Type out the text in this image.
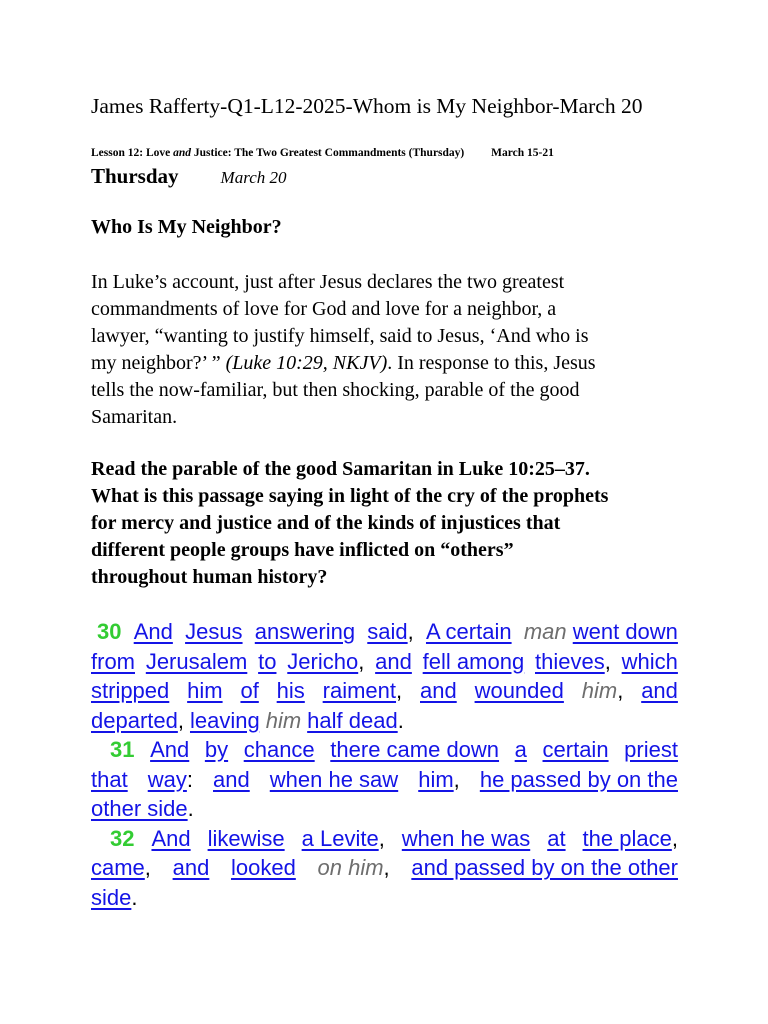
James Rafferty-Q1-L12-2025-Whom is My Neighbor-March 20
Lesson 12: Love and Justice: The Two Greatest Commandments (Thursday) March 15-21
Thursday March 20
Who Is My Neighbor?

In Luke’s account, just after Jesus declares the two greatest

commandments of love for God and love for a neighbor, a

lawyer, “wanting to justify himself, said to Jesus, ‘And who is

my neighbor?’ ” (Luke 10:29, NKJV). In response to this, Jesus

tells the now-familiar, but then shocking, parable of the good

Samaritan.

Read the parable of the good Samaritan in Luke 10:25–37.

What is this passage saying in light of the cry of the prophets

for mercy and justice and of the kinds of injustices that

different people groups have inflicted on “others”

throughout human history?

30 And Jesus answering said, A certain man went down
from Jerusalem to Jericho, and fell among thieves, which
stripped him of his raiment, and wounded him, and
departed, leaving him half dead.
31 And by chance there came down a certain priest
that way: and when he saw him, he passed by on the
other side.
32 And likewise a Levite, when he was at the place,
came, and looked on him, and passed by on the other
side.
